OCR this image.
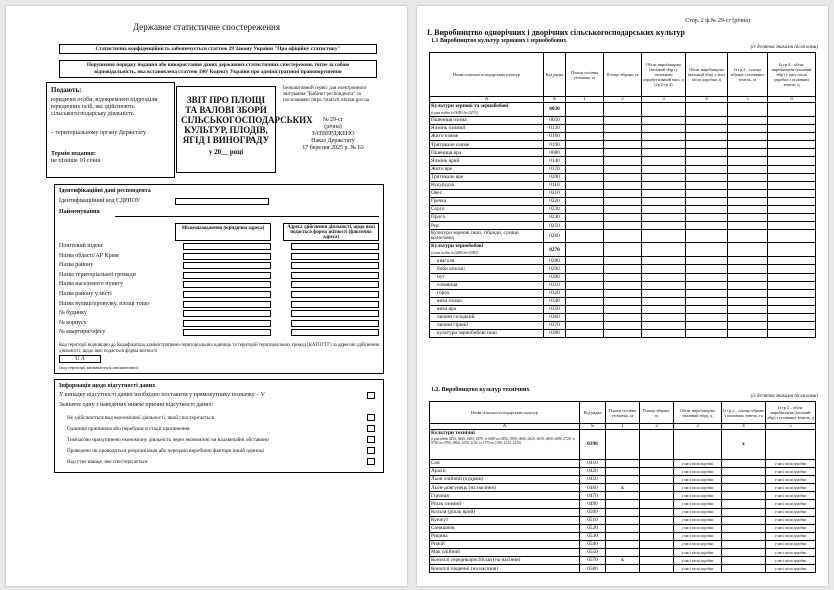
Державне статистичне спостереження
Статистична конфіденційність забезпечується статтею 29 Закону України "Про офіційну статистику"
Порушення порядку подання або використання даних державних статистичних спостережень тягне за собою відповідальність, яка встановлена статтею 186³ Кодексу України про адміністративні правопорушення
Подають:
юридичні особи, відокремлені підрозділи юридичних осіб, які здійснюють сільськогосподарську діяльність
– територіальному органу Держстату
Термін подання:
не пізніше 10 січня
ЗВІТ ПРО ПЛОЩІ ТА ВАЛОВІ ЗБОРИ СІЛЬСЬКОГОСПОДАРСЬКИХ КУЛЬТУР, ПЛОДІВ, ЯГІД І ВИНОГРАДУ
у 20__ році
Безкоштовний сервіс для електронного звітування "Кабінет респондента" за посиланням: https://statzvit.ukrstat.gov.ua
№ 29-сг
(річна)
ЗАТВЕРДЖЕНО
Наказ Держстату
17 березня 2025 р. № 63
Ідентифікаційні дані респондента
Ідентифікаційний код ЄДРПОУ
Найменування
Місцезнаходження (юридична адреса)	Адреса здійснення діяльності, щодо якої подається форма звітності (фактична адреса)
Поштовий індекс
Назва області/АР Крим
Назва району
Назва територіальної громади
Назва населеного пункту
Назва району у місті
Назва вулиці/провулку, площі тощо
№ будинку
№ корпусу
№ квартири/офісу
Код території відповідно до Кодифікатора адміністративно-територіальних одиниць та територій територіальних громад (КАТОТТГ) за адресою здійснення діяльності, щодо якої подається форма звітності
U A
(код території визначається автоматично)
Інформація щодо відсутності даних
У випадку відсутності даних необхідно поставити у прямокутнику позначку – V
Зазначте одну з наведених нижче причин відсутності даних:
Не здійснюється вид економічної діяльності, який спостерігається
Одиниця припинена або перебуває в стадії припинення
Тимчасово призупинено економічну діяльність через економічні чи надзвичайні обставини
Проведено чи проводиться реорганізація або передано виробничі фактори іншій одиниці
Відсутнє явище, яке спостерігається
Стор. 2 ф.№ 29-сг (річна)
І. Виробництво однорічних і дворічних сільськогосподарських культур
1.1 Виробництво культур зернових і зернобобових
(із десятка знаками після коми)
Назва сільськогосподарських культур	Код рядка	Площа посівна уточнена, га	Площа зібрана, га	Обсяг виробництва (валовий збір) у початково оприбуткованій масі, ц (гр.2-гр.4)	Обсяг виробництва (валовий збір) у масі після доробки, ц	Із гр.2 – площа зібрана з поливних земель, га	Із гр.4 – обсяг виробництва (валовий збір) у масі після доробки з поливних земель, ц
А	Б	1	2	3	4	5	6
Культури зернові та зернобобові
(сума кодів із 0050 до 0270)	0030						
Пшениця озима	0050						
Ячмінь озимий	0130						
Жито озиме	0160						
Тритикале озиме	0190						
Пшениця яра	0080						
Ячмінь ярий	0140						
Жито яре	0170						
Тритикале яре	0200						
Кукурудза	0110						
Овес	0210						
Гречка	0220						
Сорго	0230						
Просо	0240						
Рис	0250						
Культури зернові інші, гібриди, суміші колосових	0260						
Культури зернобобові
(сума кодів із 0280 до 0380)	0270						
квасоля	0280						
боби кінські	0290						
нут	0300						
сочевиця	0310						
горох	0320						
вика озима	0340						
вика яра	0350						
люпин солодкий	0360						
люпин гіркий	0370						
культури зернобобові інші	0380						
1.2. Виробництво культур технічних
(із десятка знаками після коми)
Назва сільськогосподарських культур	Код рядка	Площа посівна уточнена, га	Площа зібрана, га	Обсяг виробництва (валовий збір), ц	Із гр.2 – площа зібрана з поливних земель, га	Із гр.3 – обсяг виробництва (валовий збір) з поливних земель, ц
А	Б	1	2	3	4	5

Культури технічні
(сума кодів 0410, 0420, 0450, 0470, із 0490 по 0550, 0590, 0600, 0620, 0630, 0650, 0690, 0720, із 0750 по 0790, 0960, 1050, 1150, із 1170 по 1190, 1210, 1220)	0390				x	
Соя	0410			у масі після доробки		у масі після доробки
Арахіс	0420			у масі після доробки		у масі після доробки
Льон олійний (кудряш)	0450			у масі після доробки		у масі після доробки
Льон-довгунець (на насіння)	0460	x		у масі після доробки		у масі після доробки
Гірчиця	0470			у масі після доробки		у масі після доробки
Ріпак озимий	0490			у масі після доробки		у масі після доробки
Кольза (ріпак ярий)	0500			у масі після доробки		у масі після доробки
Кунжут	0510			у масі після доробки		у масі після доробки
Соняшник	0520			у масі після доробки		у масі після доробки
Рицина	0530			у масі після доробки		у масі після доробки
Рижій	0540			у масі після доробки		у масі після доробки
Мак олійний	0550			у масі після доробки		у масі після доробки
Коноплі середньоросійські (на насіння)	0570	x		у масі після доробки		у масі після доробки
Коноплі південні (на насіння)	0580			у масі після доробки		у масі після доробки
